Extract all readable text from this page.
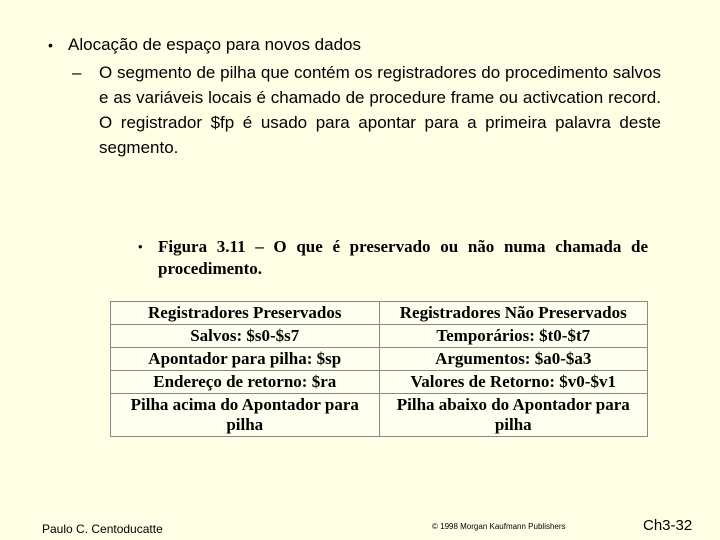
• Alocação de espaço para novos dados
– O segmento de pilha que contém os registradores do procedimento salvos e as variáveis locais é chamado de procedure frame ou activcation record. O registrador $fp é usado para apontar para a primeira palavra deste segmento.
• Figura 3.11 – O que é preservado ou não numa chamada de procedimento.
Registradores Preservados	Registradores Não Preservados
Salvos: $s0-$s7	Temporários: $t0-$t7
Apontador para pilha: $sp	Argumentos: $a0-$a3
Endereço de retorno: $ra	Valores de Retorno: $v0-$v1
Pilha acima do Apontador para pilha	Pilha abaixo do Apontador para pilha
Paulo C. Centoducatte	© 1998 Morgan Kaufmann Publishers	Ch3-32
